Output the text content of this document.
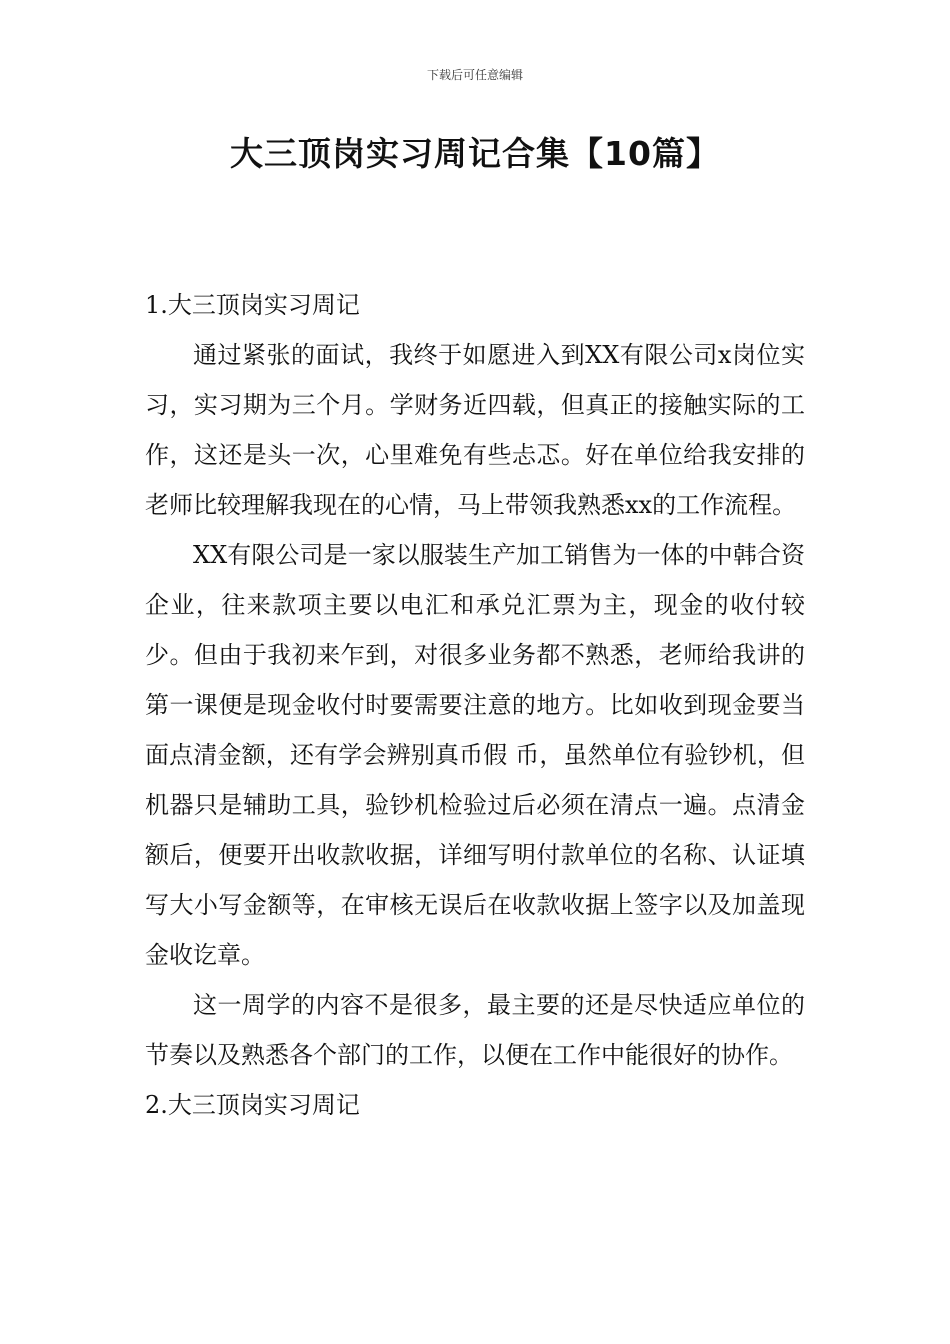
下载后可任意编辑
大三顶岗实习周记合集【10篇】
1.大三顶岗实习周记

通过紧张的面试，我终于如愿进入到XX有限公司x岗位实习，实习期为三个月。学财务近四载，但真正的接触实际的工作，这还是头一次，心里难免有些忐忑。好在单位给我安排的老师比较理解我现在的心情，马上带领我熟悉xx的工作流程。

XX有限公司是一家以服装生产加工销售为一体的中韩合资企业，往来款项主要以电汇和承兑汇票为主，现金的收付较少。但由于我初来乍到，对很多业务都不熟悉，老师给我讲的第一课便是现金收付时要需要注意的地方。比如收到现金要当面点清金额，还有学会辨别真币假 币，虽然单位有验钞机，但机器只是辅助工具，验钞机检验过后必须在清点一遍。点清金额后，便要开出收款收据，详细写明付款单位的名称、认证填写大小写金额等，在审核无误后在收款收据上签字以及加盖现金收讫章。

这一周学的内容不是很多，最主要的还是尽快适应单位的节奏以及熟悉各个部门的工作，以便在工作中能很好的协作。

2.大三顶岗实习周记
